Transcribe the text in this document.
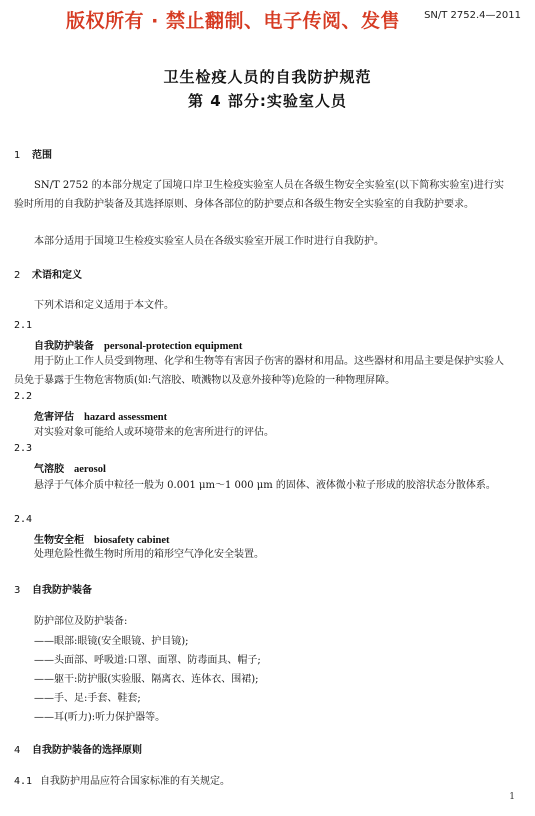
版权所有 · 禁止翻制、电子传阅、发售 SN/T 2752.4—2011
卫生检疫人员的自我防护规范
第 4 部分:实验室人员
1 范围
SN/T 2752 的本部分规定了国境口岸卫生检疫实验室人员在各级生物安全实验室(以下简称实验室)进行实验时所用的自我防护装备及其选择原则、身体各部位的防护要点和各级生物安全实验室的自我防护要求。
本部分适用于国境卫生检疫实验室人员在各级实验室开展工作时进行自我防护。
2 术语和定义
下列术语和定义适用于本文件。
2.1
自我防护装备 personal-protection equipment
用于防止工作人员受到物理、化学和生物等有害因子伤害的器材和用品。这些器材和用品主要是保护实验人员免于暴露于生物危害物质(如:气溶胶、喷溅物以及意外接种等)危险的一种物理屏障。
2.2
危害评估 hazard assessment
对实验对象可能给人或环境带来的危害所进行的评估。
2.3
气溶胶 aerosol
悬浮于气体介质中粒径一般为 0.001 μm～1 000 μm 的固体、液体微小粒子形成的胶溶状态分散体系。
2.4
生物安全柜 biosafety cabinet
处理危险性微生物时所用的箱形空气净化安全装置。
3 自我防护装备
防护部位及防护装备:
——眼部:眼镜(安全眼镜、护目镜);
——头面部、呼吸道:口罩、面罩、防毒面具、帽子;
——躯干:防护服(实验服、隔离衣、连体衣、围裙);
——手、足:手套、鞋套;
——耳(听力):听力保护器等。
4 自我防护装备的选择原则
4.1 自我防护用品应符合国家标准的有关规定。
1
